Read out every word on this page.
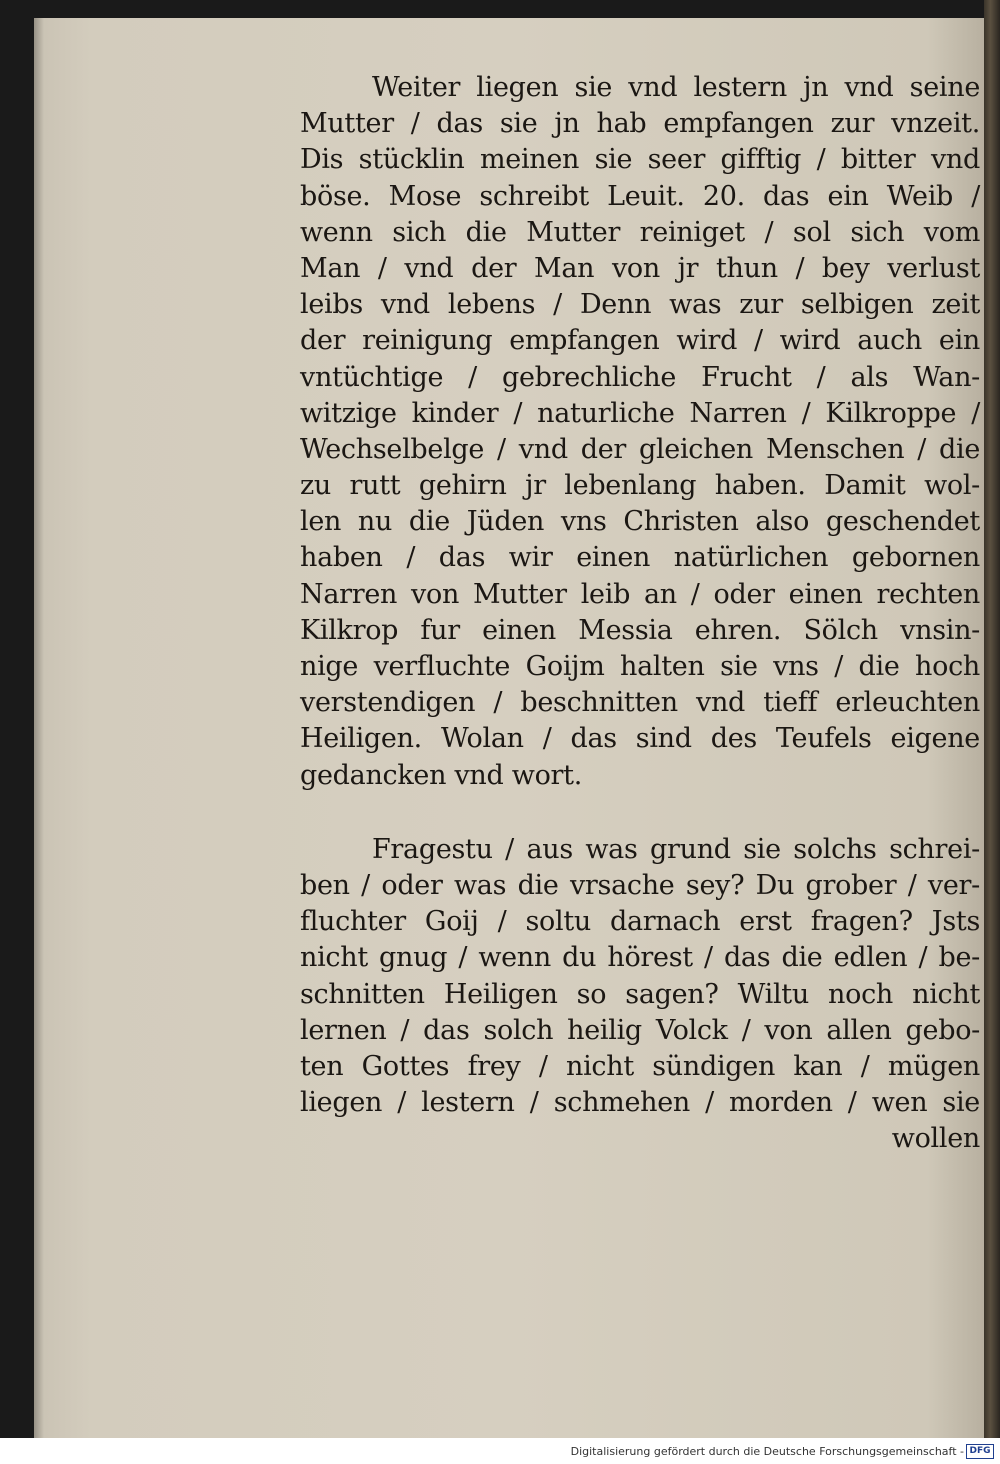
Weiter liegen sie vnd lestern jn vnd seine
Mutter / das sie jn hab empfangen zur vnzeit.
Dis stücklin meinen sie seer gifftig / bitter vnd
böse. Mose schreibt Leuit. 20. das ein Weib /
wenn sich die Mutter reiniget / sol sich vom
Man / vnd der Man von jr thun / bey verlust
leibs vnd lebens / Denn was zur selbigen zeit
der reinigung empfangen wird / wird auch ein
vntüchtige / gebrechliche Frucht / als Wan-
witzige kinder / naturliche Narren / Kilkroppe /
Wechselbelge / vnd der gleichen Menschen / die
zu rutt gehirn jr lebenlang haben. Damit wol-
len nu die Jüden vns Christen also geschendet
haben / das wir einen natürlichen gebornen
Narren von Mutter leib an / oder einen rechten
Kilkrop fur einen Messia ehren. Sölch vnsin-
nige verfluchte Goijm halten sie vns / die hoch
verstendigen / beschnitten vnd tieff erleuchten
Heiligen. Wolan / das sind des Teufels eigene
gedancken vnd wort.
Fragestu / aus was grund sie solchs schrei-
ben / oder was die vrsache sey? Du grober / ver-
fluchter Goij / soltu darnach erst fragen? Jsts
nicht gnug / wenn du hörest / das die edlen / be-
schnitten Heiligen so sagen? Wiltu noch nicht
lernen / das solch heilig Volck / von allen gebo-
ten Gottes frey / nicht sündigen kan / mügen
liegen / lestern / schmehen / morden / wen sie
wollen
Digitalisierung gefördert durch die Deutsche Forschungsgemeinschaft - DFG
